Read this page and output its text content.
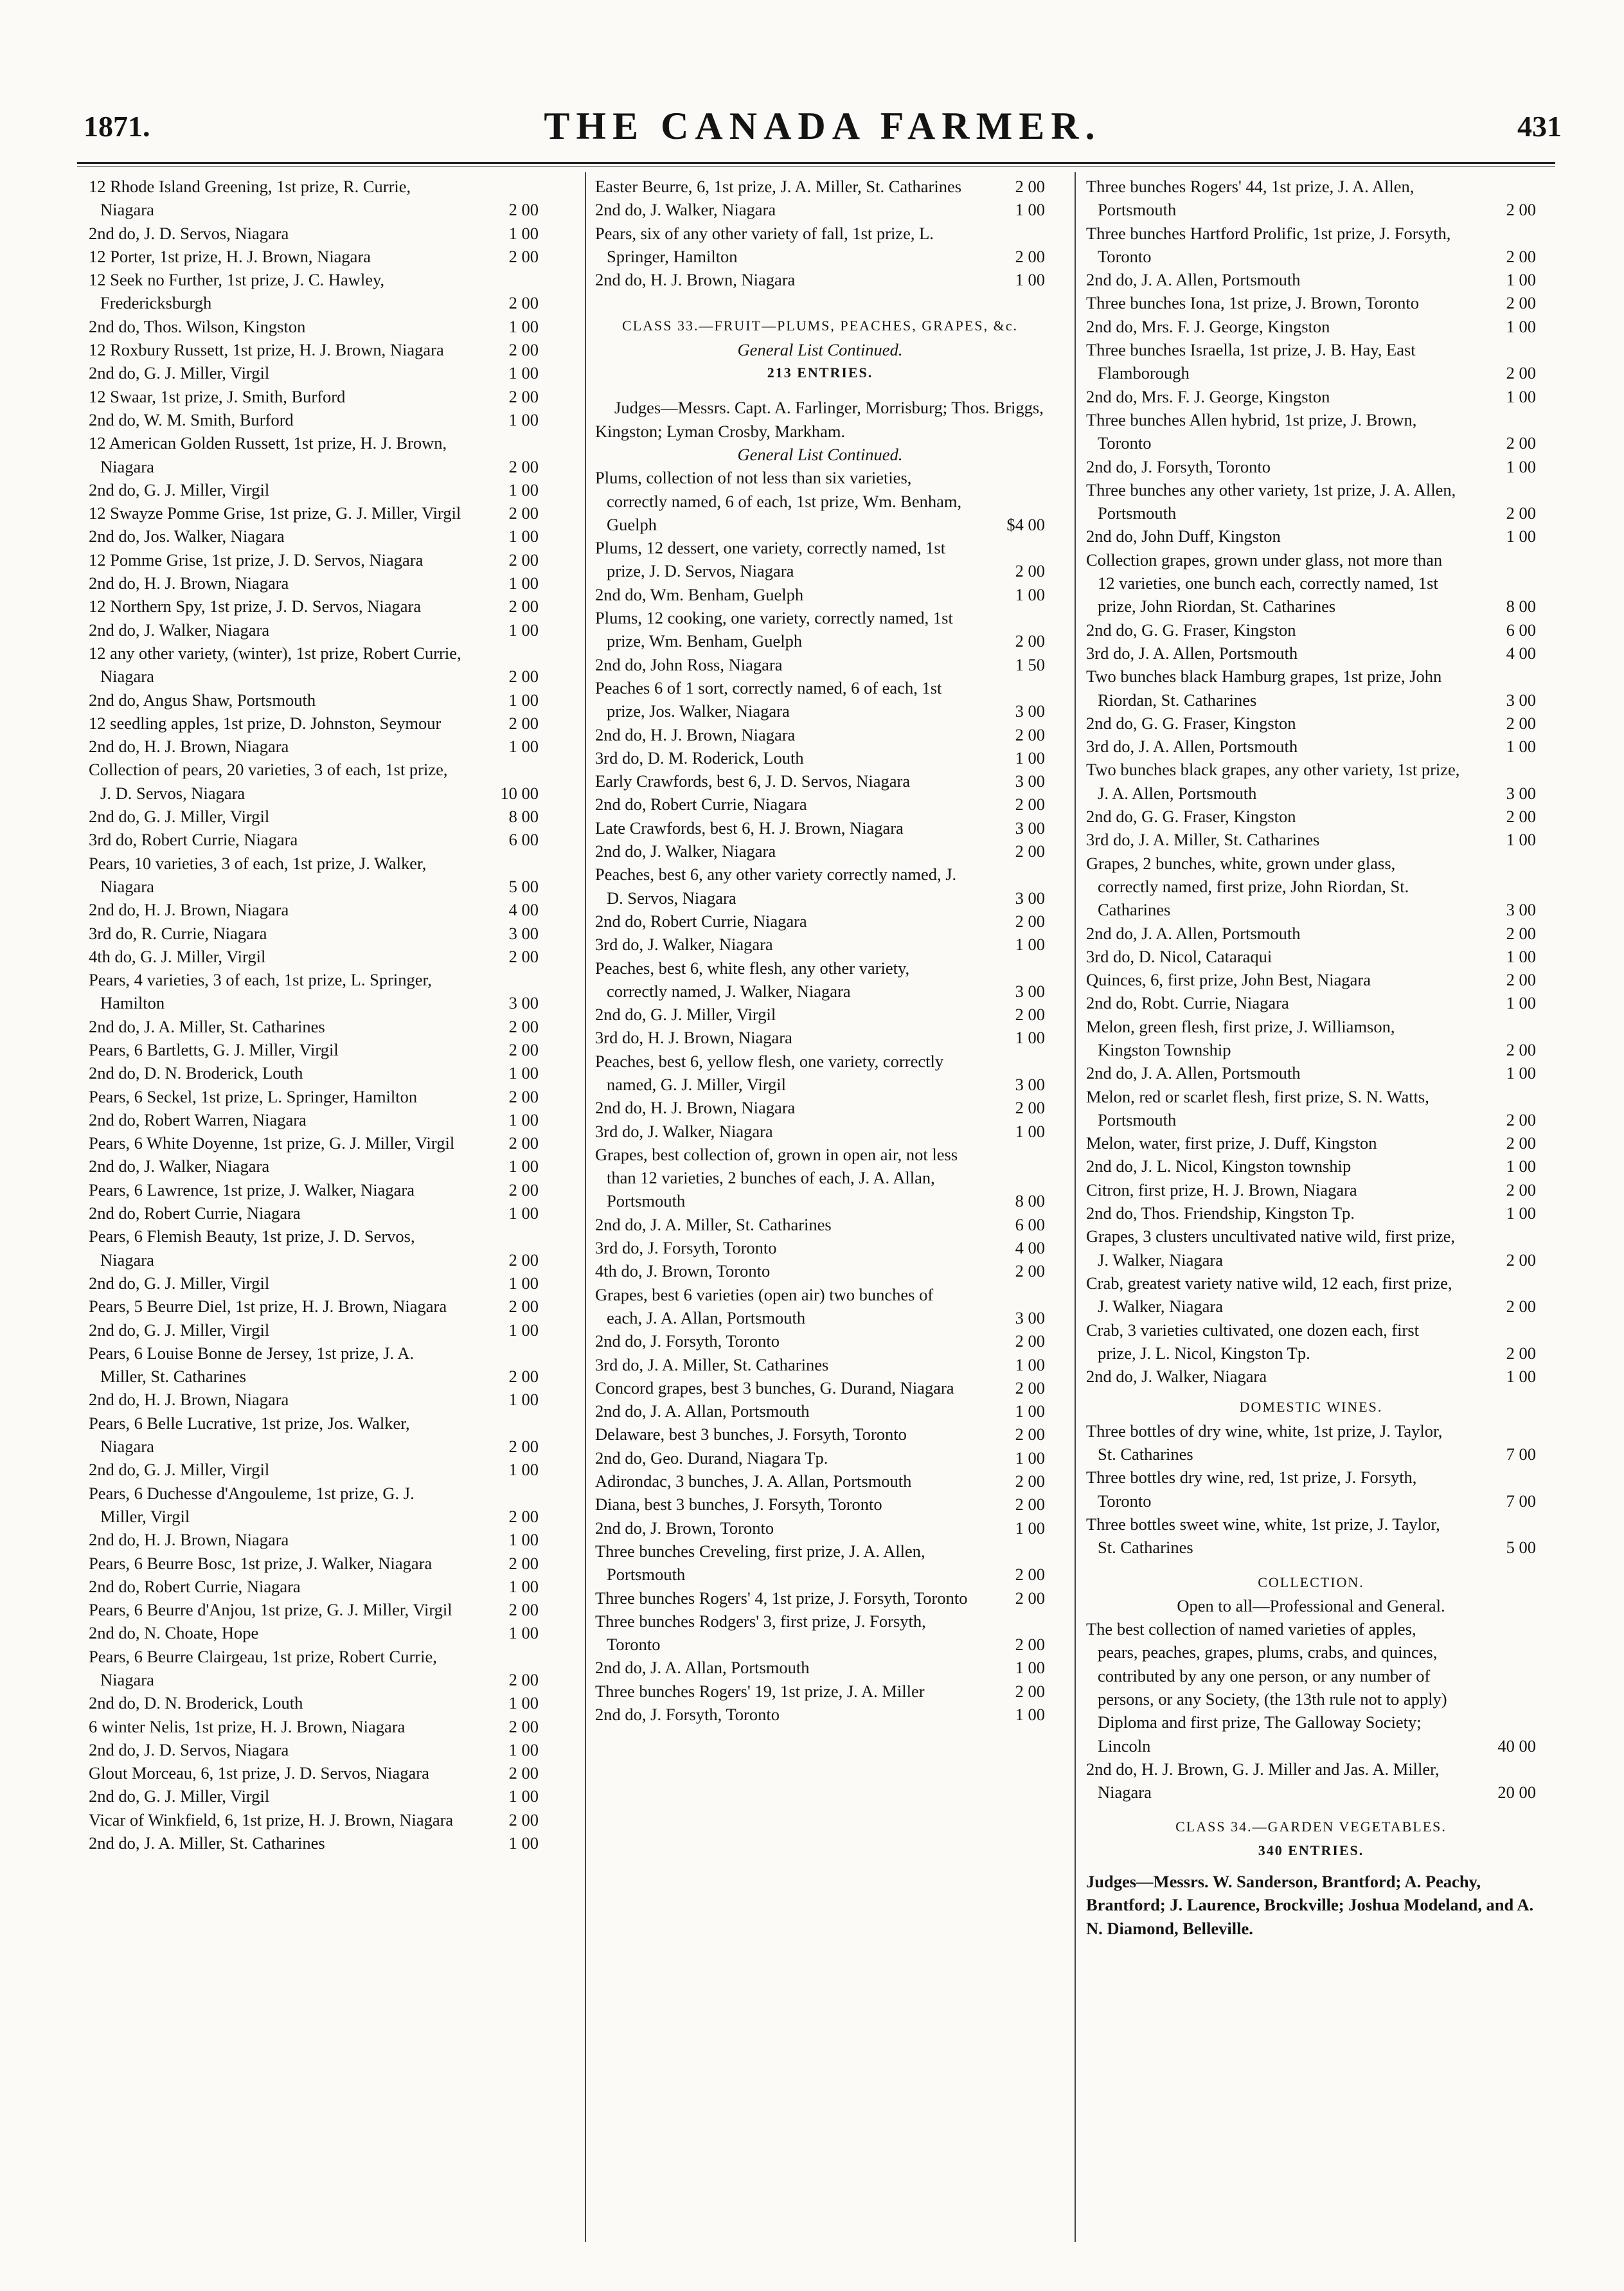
1871.	THE CANADA FARMER.	431
12 Rhode Island Greening, 1st prize, R. Currie, Niagara	2 00
2nd do, J. D. Servos, Niagara	1 00
12 Porter, 1st prize, H. J. Brown, Niagara	2 00
12 Seek no Further, 1st prize, J. C. Hawley, Fredericksburgh	2 00
2nd do, Thos. Wilson, Kingston	1 00
12 Roxbury Russett, 1st prize, H. J. Brown, Niagara	2 00
2nd do, G. J. Miller, Virgil	1 00
12 Swaar, 1st prize, J. Smith, Burford	2 00
2nd do, W. M. Smith, Burford	1 00
12 American Golden Russett, 1st prize, H. J. Brown, Niagara	2 00
2nd do, G. J. Miller, Virgil	1 00
12 Swayze Pomme Grise, 1st prize, G. J. Miller, Virgil	2 00
2nd do, Jos. Walker, Niagara	1 00
12 Pomme Grise, 1st prize, J. D. Servos, Niagara	2 00
2nd do, H. J. Brown, Niagara	1 00
12 Northern Spy, 1st prize, J. D. Servos, Niagara	2 00
2nd do, J. Walker, Niagara	1 00
12 any other variety, (winter), 1st prize, Robert Currie, Niagara	2 00
2nd do, Angus Shaw, Portsmouth	1 00
12 seedling apples, 1st prize, D. Johnston, Seymour	2 00
2nd do, H. J. Brown, Niagara	1 00
Collection of pears, 20 varieties, 3 of each, 1st prize, J. D. Servos, Niagara	10 00
2nd do, G. J. Miller, Virgil	8 00
3rd do, Robert Currie, Niagara	6 00
Pears, 10 varieties, 3 of each, 1st prize, J. Walker, Niagara	5 00
2nd do, H. J. Brown, Niagara	4 00
3rd do, R. Currie, Niagara	3 00
4th do, G. J. Miller, Virgil	2 00
Pears, 4 varieties, 3 of each, 1st prize, L. Springer, Hamilton	3 00
2nd do, J. A. Miller, St. Catharines	2 00
Pears, 6 Bartletts, G. J. Miller, Virgil	2 00
2nd do, D. N. Broderick, Louth	1 00
Pears, 6 Seckel, 1st prize, L. Springer, Hamilton	2 00
2nd do, Robert Warren, Niagara	1 00
Pears, 6 White Doyenne, 1st prize, G. J. Miller, Virgil	2 00
2nd do, J. Walker, Niagara	1 00
Pears, 6 Lawrence, 1st prize, J. Walker, Niagara	2 00
2nd do, Robert Currie, Niagara	1 00
Pears, 6 Flemish Beauty, 1st prize, J. D. Servos, Niagara	2 00
2nd do, G. J. Miller, Virgil	1 00
Pears, 5 Beurre Diel, 1st prize, H. J. Brown, Niagara	2 00
2nd do, G. J. Miller, Virgil	1 00
Pears, 6 Louise Bonne de Jersey, 1st prize, J. A. Miller, St. Catharines	2 00
2nd do, H. J. Brown, Niagara	1 00
Pears, 6 Belle Lucrative, 1st prize, Jos. Walker, Niagara	2 00
2nd do, G. J. Miller, Virgil	1 00
Pears, 6 Duchesse d'Angouleme, 1st prize, G. J. Miller, Virgil	2 00
2nd do, H. J. Brown, Niagara	1 00
Pears, 6 Beurre Bosc, 1st prize, J. Walker, Niagara	2 00
2nd do, Robert Currie, Niagara	1 00
Pears, 6 Beurre d'Anjou, 1st prize, G. J. Miller, Virgil	2 00
2nd do, N. Choate, Hope	1 00
Pears, 6 Beurre Clairgeau, 1st prize, Robert Currie, Niagara	2 00
2nd do, D. N. Broderick, Louth	1 00
6 winter Nelis, 1st prize, H. J. Brown, Niagara	2 00
2nd do, J. D. Servos, Niagara	1 00
Glout Morceau, 6, 1st prize, J. D. Servos, Niagara	2 00
2nd do, G. J. Miller, Virgil	1 00
Vicar of Winkfield, 6, 1st prize, H. J. Brown, Niagara	2 00
2nd do, J. A. Miller, St. Catharines	1 00
Easter Beurre, 6, 1st prize, J. A. Miller, St. Catharines	2 00
2nd do, J. Walker, Niagara	1 00
Pears, six of any other variety of fall, 1st prize, L. Springer, Hamilton	2 00
2nd do, H. J. Brown, Niagara	1 00
CLASS 33.—FRUIT—PLUMS, PEACHES, GRAPES, &c.
General List Continued.
213 ENTRIES.
Judges—Messrs. Capt. A. Farlinger, Morrisburg; Thos. Briggs, Kingston; Lyman Crosby, Markham.
General List Continued.
Plums, collection of not less than six varieties, correctly named, 6 of each, 1st prize, Wm. Benham, Guelph	$4 00
Plums, 12 dessert, one variety, correctly named, 1st prize, J. D. Servos, Niagara	2 00
2nd do, Wm. Benham, Guelph	1 00
Plums, 12 cooking, one variety, correctly named, 1st prize, Wm. Benham, Guelph	2 00
2nd do, John Ross, Niagara	1 50
Peaches 6 of 1 sort, correctly named, 6 of each, 1st prize, Jos. Walker, Niagara	3 00
2nd do, H. J. Brown, Niagara	2 00
3rd do, D. M. Roderick, Louth	1 00
Early Crawfords, best 6, J. D. Servos, Niagara	3 00
2nd do, Robert Currie, Niagara	2 00
Late Crawfords, best 6, H. J. Brown, Niagara	3 00
2nd do, J. Walker, Niagara	2 00
Peaches, best 6, any other variety correctly named, J. D. Servos, Niagara	3 00
2nd do, Robert Currie, Niagara	2 00
3rd do, J. Walker, Niagara	1 00
Peaches, best 6, white flesh, any other variety, correctly named, J. Walker, Niagara	3 00
2nd do, G. J. Miller, Virgil	2 00
3rd do, H. J. Brown, Niagara	1 00
Peaches, best 6, yellow flesh, one variety, correctly named, G. J. Miller, Virgil	3 00
2nd do, H. J. Brown, Niagara	2 00
3rd do, J. Walker, Niagara	1 00
Grapes, best collection of, grown in open air, not less than 12 varieties, 2 bunches of each, J. A. Allan, Portsmouth	8 00
2nd do, J. A. Miller, St. Catharines	6 00
3rd do, J. Forsyth, Toronto	4 00
4th do, J. Brown, Toronto	2 00
Grapes, best 6 varieties (open air) two bunches of each, J. A. Allan, Portsmouth	3 00
2nd do, J. Forsyth, Toronto	2 00
3rd do, J. A. Miller, St. Catharines	1 00
Concord grapes, best 3 bunches, G. Durand, Niagara	2 00
2nd do, J. A. Allan, Portsmouth	1 00
Delaware, best 3 bunches, J. Forsyth, Toronto	2 00
2nd do, Geo. Durand, Niagara Tp.	1 00
Adirondac, 3 bunches, J. A. Allan, Portsmouth	2 00
Diana, best 3 bunches, J. Forsyth, Toronto	2 00
2nd do, J. Brown, Toronto	1 00
Three bunches Creveling, first prize, J. A. Allen, Portsmouth	2 00
Three bunches Rogers' 4, 1st prize, J. Forsyth, Toronto	2 00
Three bunches Rodgers' 3, first prize, J. Forsyth, Toronto	2 00
2nd do, J. A. Allan, Portsmouth	1 00
Three bunches Rogers' 19, 1st prize, J. A. Miller	2 00
2nd do, J. Forsyth, Toronto	1 00
Three bunches Rogers' 44, 1st prize, J. A. Allen, Portsmouth	2 00
Three bunches Hartford Prolific, 1st prize, J. Forsyth, Toronto	2 00
2nd do, J. A. Allen, Portsmouth	1 00
Three bunches Iona, 1st prize, J. Brown, Toronto	2 00
2nd do, Mrs. F. J. George, Kingston	1 00
Three bunches Israella, 1st prize, J. B. Hay, East Flamborough	2 00
2nd do, Mrs. F. J. George, Kingston	1 00
Three bunches Allen hybrid, 1st prize, J. Brown, Toronto	2 00
2nd do, J. Forsyth, Toronto	1 00
Three bunches any other variety, 1st prize, J. A. Allen, Portsmouth	2 00
2nd do, John Duff, Kingston	1 00
Collection grapes, grown under glass, not more than 12 varieties, one bunch each, correctly named, 1st prize, John Riordan, St. Catharines	8 00
2nd do, G. G. Fraser, Kingston	6 00
3rd do, J. A. Allen, Portsmouth	4 00
Two bunches black Hamburg grapes, 1st prize, John Riordan, St. Catharines	3 00
2nd do, G. G. Fraser, Kingston	2 00
3rd do, J. A. Allen, Portsmouth	1 00
Two bunches black grapes, any other variety, 1st prize, J. A. Allen, Portsmouth	3 00
2nd do, G. G. Fraser, Kingston	2 00
3rd do, J. A. Miller, St. Catharines	1 00
Grapes, 2 bunches, white, grown under glass, correctly named, first prize, John Riordan, St. Catharines	3 00
2nd do, J. A. Allen, Portsmouth	2 00
3rd do, D. Nicol, Cataraqui	1 00
Quinces, 6, first prize, John Best, Niagara	2 00
2nd do, Robt. Currie, Niagara	1 00
Melon, green flesh, first prize, J. Williamson, Kingston Township	2 00
2nd do, J. A. Allen, Portsmouth	1 00
Melon, red or scarlet flesh, first prize, S. N. Watts, Portsmouth	2 00
Melon, water, first prize, J. Duff, Kingston	2 00
2nd do, J. L. Nicol, Kingston township	1 00
Citron, first prize, H. J. Brown, Niagara	2 00
2nd do, Thos. Friendship, Kingston Tp.	1 00
Grapes, 3 clusters uncultivated native wild, first prize, J. Walker, Niagara	2 00
Crab, greatest variety native wild, 12 each, first prize, J. Walker, Niagara	2 00
Crab, 3 varieties cultivated, one dozen each, first prize, J. L. Nicol, Kingston Tp.	2 00
2nd do, J. Walker, Niagara	1 00
DOMESTIC WINES.
Three bottles of dry wine, white, 1st prize, J. Taylor, St. Catharines	7 00
Three bottles dry wine, red, 1st prize, J. Forsyth, Toronto	7 00
Three bottles sweet wine, white, 1st prize, J. Taylor, St. Catharines	5 00
COLLECTION.
Open to all—Professional and General.
The best collection of named varieties of apples, pears, peaches, grapes, plums, crabs, and quinces, contributed by any one person, or any number of persons, or any Society, (the 13th rule not to apply) Diploma and first prize, The Galloway Society; Lincoln	40 00
2nd do, H. J. Brown, G. J. Miller and Jas. A. Miller, Niagara	20 00
CLASS 34.—GARDEN VEGETABLES.
340 ENTRIES.
Judges—Messrs. W. Sanderson, Brantford; A. Peachy, Brantford; J. Laurence, Brockville; Joshua Modeland, and A. N. Diamond, Belleville.
